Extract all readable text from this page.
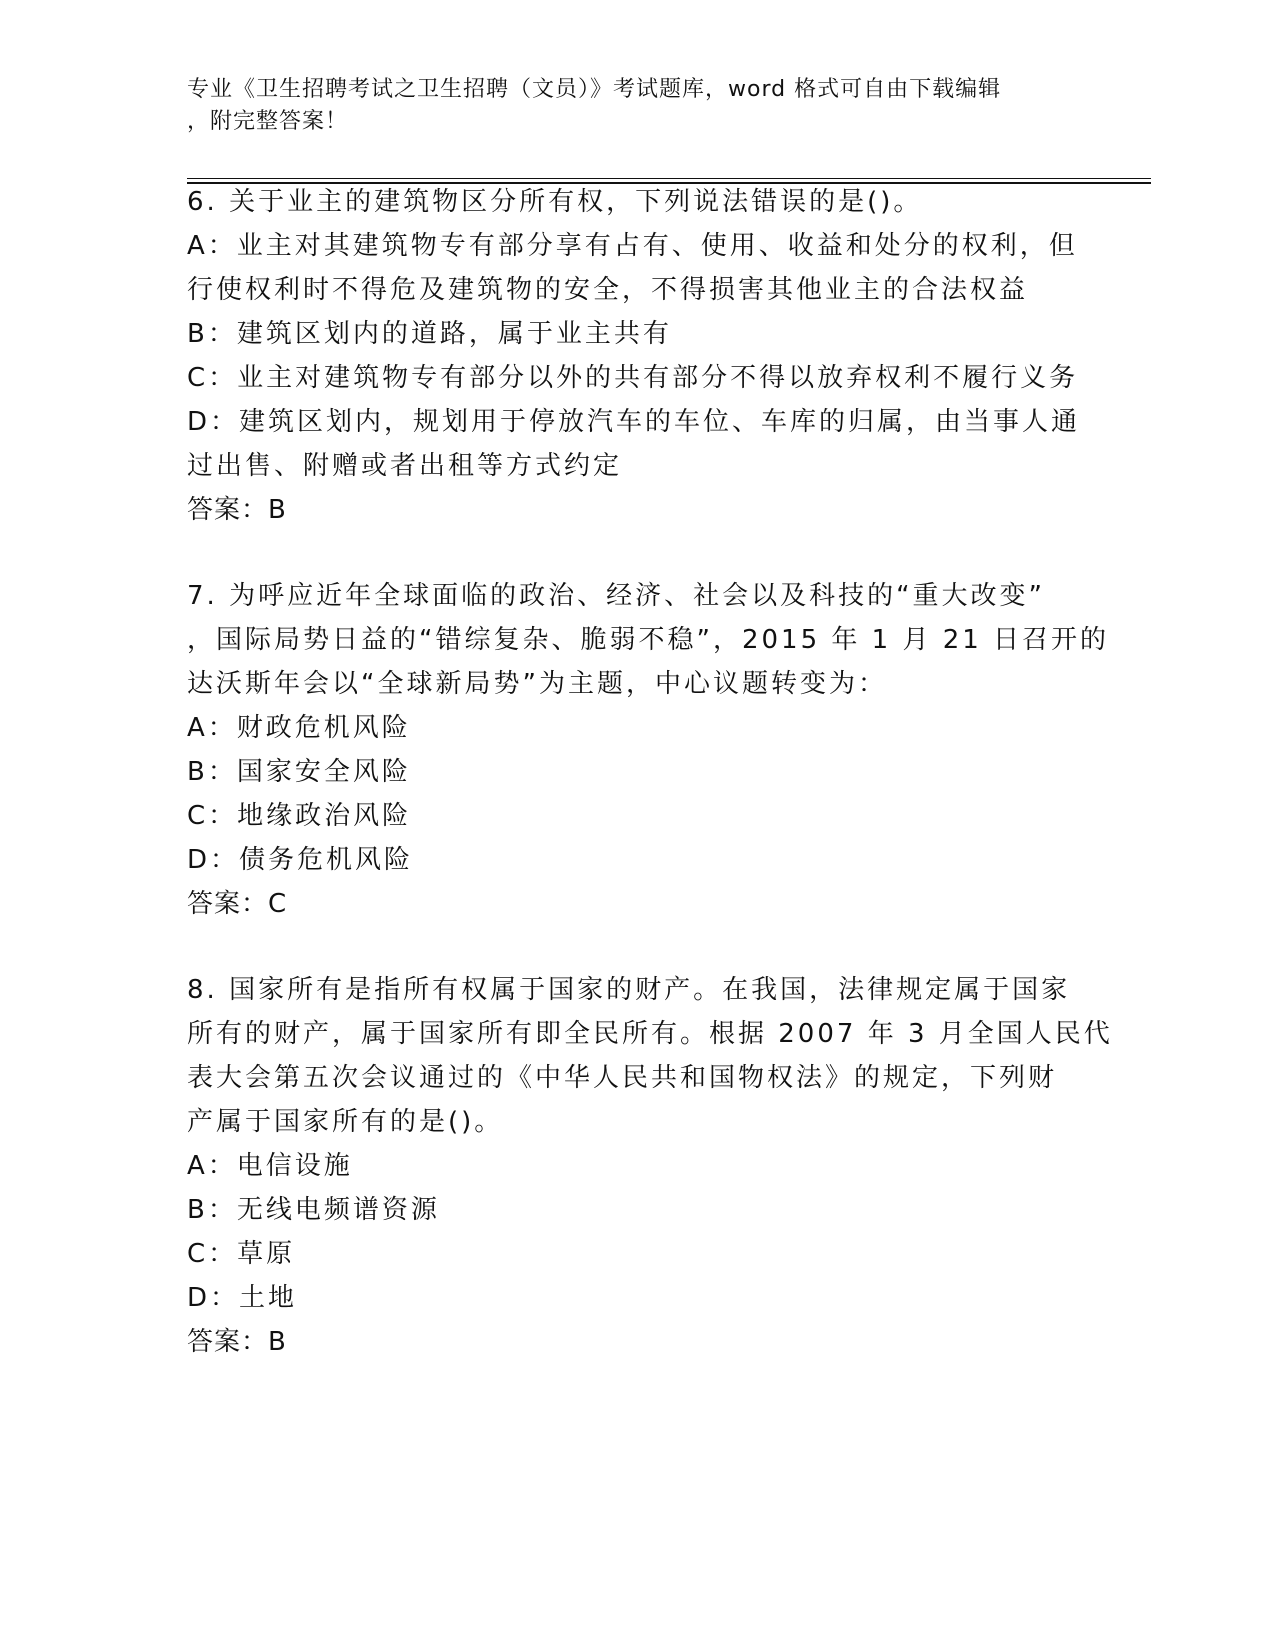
专业《卫生招聘考试之卫生招聘（文员）》考试题库，word 格式可自由下载编辑
，附完整答案！
6. 关于业主的建筑物区分所有权，下列说法错误的是()。
A：业主对其建筑物专有部分享有占有、使用、收益和处分的权利，但
行使权利时不得危及建筑物的安全，不得损害其他业主的合法权益
B：建筑区划内的道路，属于业主共有
C：业主对建筑物专有部分以外的共有部分不得以放弃权利不履行义务
D：建筑区划内，规划用于停放汽车的车位、车库的归属，由当事人通
过出售、附赠或者出租等方式约定
答案：B
7. 为呼应近年全球面临的政治、经济、社会以及科技的“重大改变”
，国际局势日益的“错综复杂、脆弱不稳”，2015 年 1 月 21 日召开的
达沃斯年会以“全球新局势”为主题，中心议题转变为：
A：财政危机风险
B：国家安全风险
C：地缘政治风险
D：债务危机风险
答案：C
8. 国家所有是指所有权属于国家的财产。在我国，法律规定属于国家
所有的财产，属于国家所有即全民所有。根据 2007 年 3 月全国人民代
表大会第五次会议通过的《中华人民共和国物权法》的规定，下列财
产属于国家所有的是()。
A：电信设施
B：无线电频谱资源
C：草原
D：土地
答案：B
